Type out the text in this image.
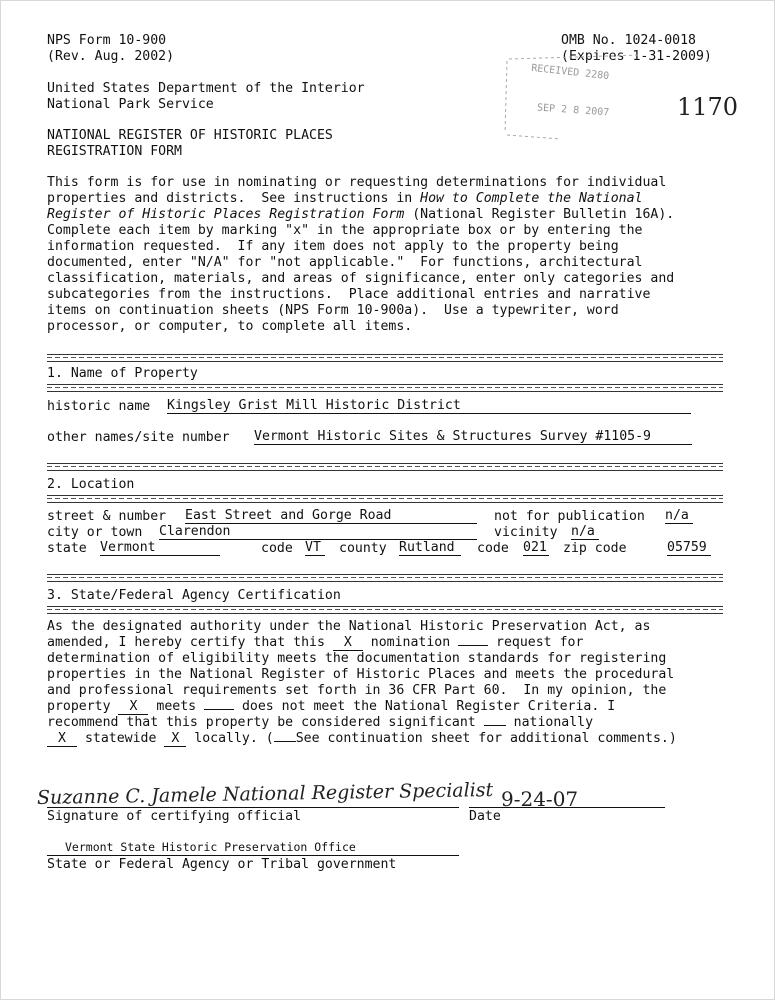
NPS Form 10-900
(Rev. Aug. 2002)
OMB No. 1024-0018
(Expires 1-31-2009)
United States Department of the Interior
National Park Service
NATIONAL REGISTER OF HISTORIC PLACES
REGISTRATION FORM
RECEIVED 2280
SEP 2 8 2007	1170
This form is for use in nominating or requesting determinations for individual
properties and districts.  See instructions in How to Complete the National
Register of Historic Places Registration Form (National Register Bulletin 16A).
Complete each item by marking "x" in the appropriate box or by entering the
information requested.  If any item does not apply to the property being
documented, enter "N/A" for "not applicable."  For functions, architectural
classification, materials, and areas of significance, enter only categories and
subcategories from the instructions.  Place additional entries and narrative
items on continuation sheets (NPS Form 10-900a).  Use a typewriter, word
processor, or computer, to complete all items.
1. Name of Property
historic name Kingsley Grist Mill Historic District
other names/site number Vermont Historic Sites & Structures Survey #1105-9
2. Location
street & number East Street and Gorge Road	not for publication n/a
city or town Clarendon	vicinity n/a
state Vermont	code VT	county Rutland	code 021 zip code 05759
3. State/Federal Agency Certification
As the designated authority under the National Historic Preservation Act, as
amended, I hereby certify that this X nomination  request for
determination of eligibility meets the documentation standards for registering
properties in the National Register of Historic Places and meets the procedural
and professional requirements set forth in 36 CFR Part 60.  In my opinion, the
property X meets  does not meet the National Register Criteria. I
recommend that this property be considered significant  nationally
X statewide X locally. ( See continuation sheet for additional comments.)
Suzanne C. Jamele National Register Specialist 9-24-07
Signature of certifying official	Date
Vermont State Historic Preservation Office
State or Federal Agency or Tribal government
